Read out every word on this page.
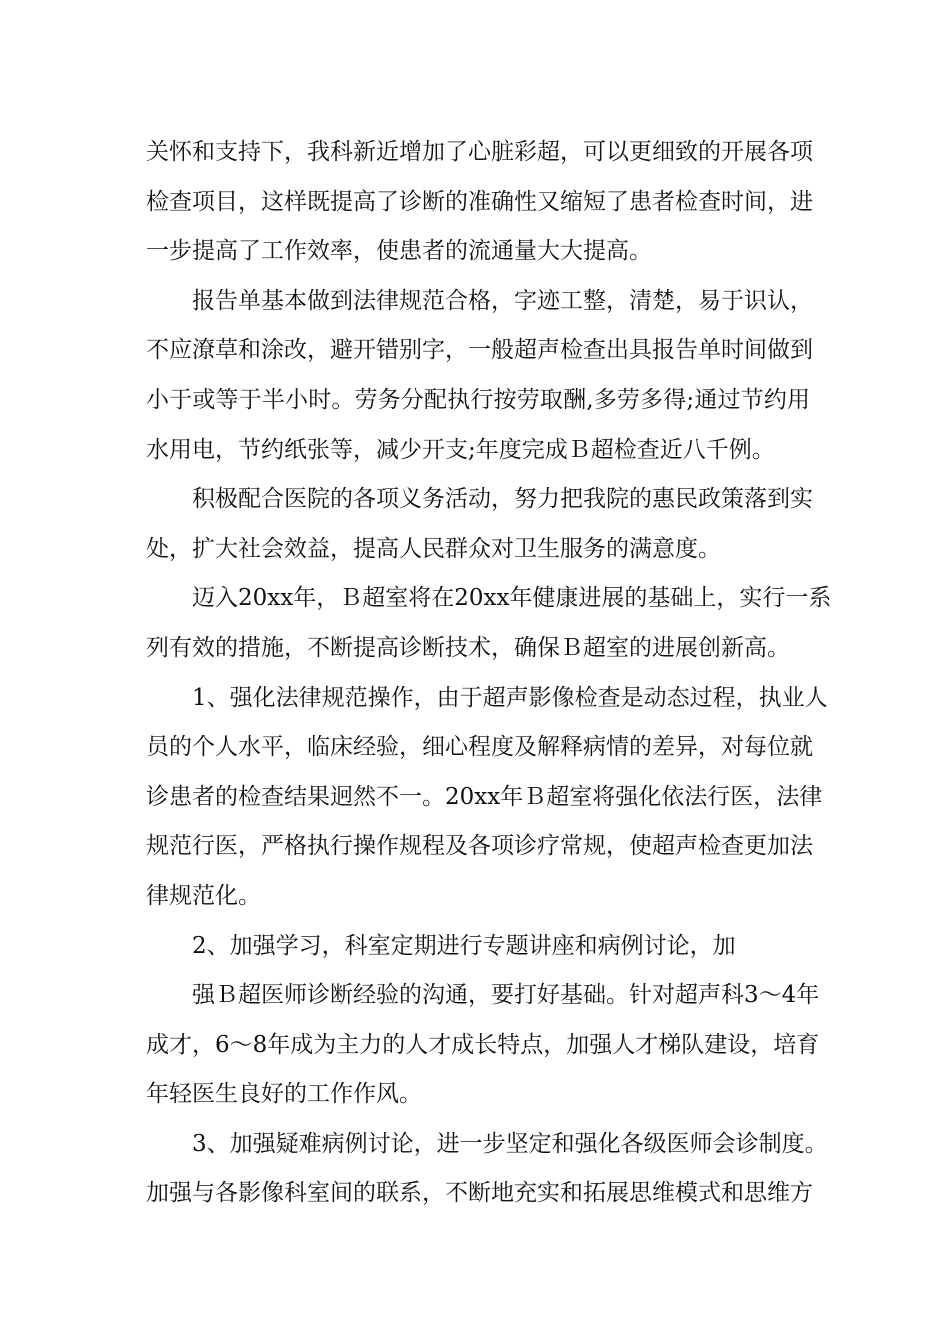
关怀和支持下，我科新近增加了心脏彩超，可以更细致的开展各项
检查项目，这样既提高了诊断的准确性又缩短了患者检查时间，进
一步提高了工作效率，使患者的流通量大大提高。
　　报告单基本做到法律规范合格，字迹工整，清楚，易于识认，
不应潦草和涂改，避开错别字，一般超声检查出具报告单时间做到
小于或等于半小时。劳务分配执行按劳取酬,多劳多得;通过节约用
水用电，节约纸张等，减少开支;年度完成Ｂ超检查近八千例。
　　积极配合医院的各项义务活动，努力把我院的惠民政策落到实
处，扩大社会效益，提高人民群众对卫生服务的满意度。
　　迈入20xx年，Ｂ超室将在20xx年健康进展的基础上，实行一系
列有效的措施，不断提高诊断技术，确保Ｂ超室的进展创新高。
　　1、强化法律规范操作，由于超声影像检查是动态过程，执业人
员的个人水平，临床经验，细心程度及解释病情的差异，对每位就
诊患者的检查结果迥然不一。20xx年Ｂ超室将强化依法行医，法律
规范行医，严格执行操作规程及各项诊疗常规，使超声检查更加法
律规范化。
　　2、加强学习，科室定期进行专题讲座和病例讨论，加
　　强Ｂ超医师诊断经验的沟通，要打好基础。针对超声科3～4年
成才，6～8年成为主力的人才成长特点，加强人才梯队建设，培育
年轻医生良好的工作作风。
　　3、加强疑难病例讨论，进一步坚定和强化各级医师会诊制度。
加强与各影像科室间的联系，不断地充实和拓展思维模式和思维方
